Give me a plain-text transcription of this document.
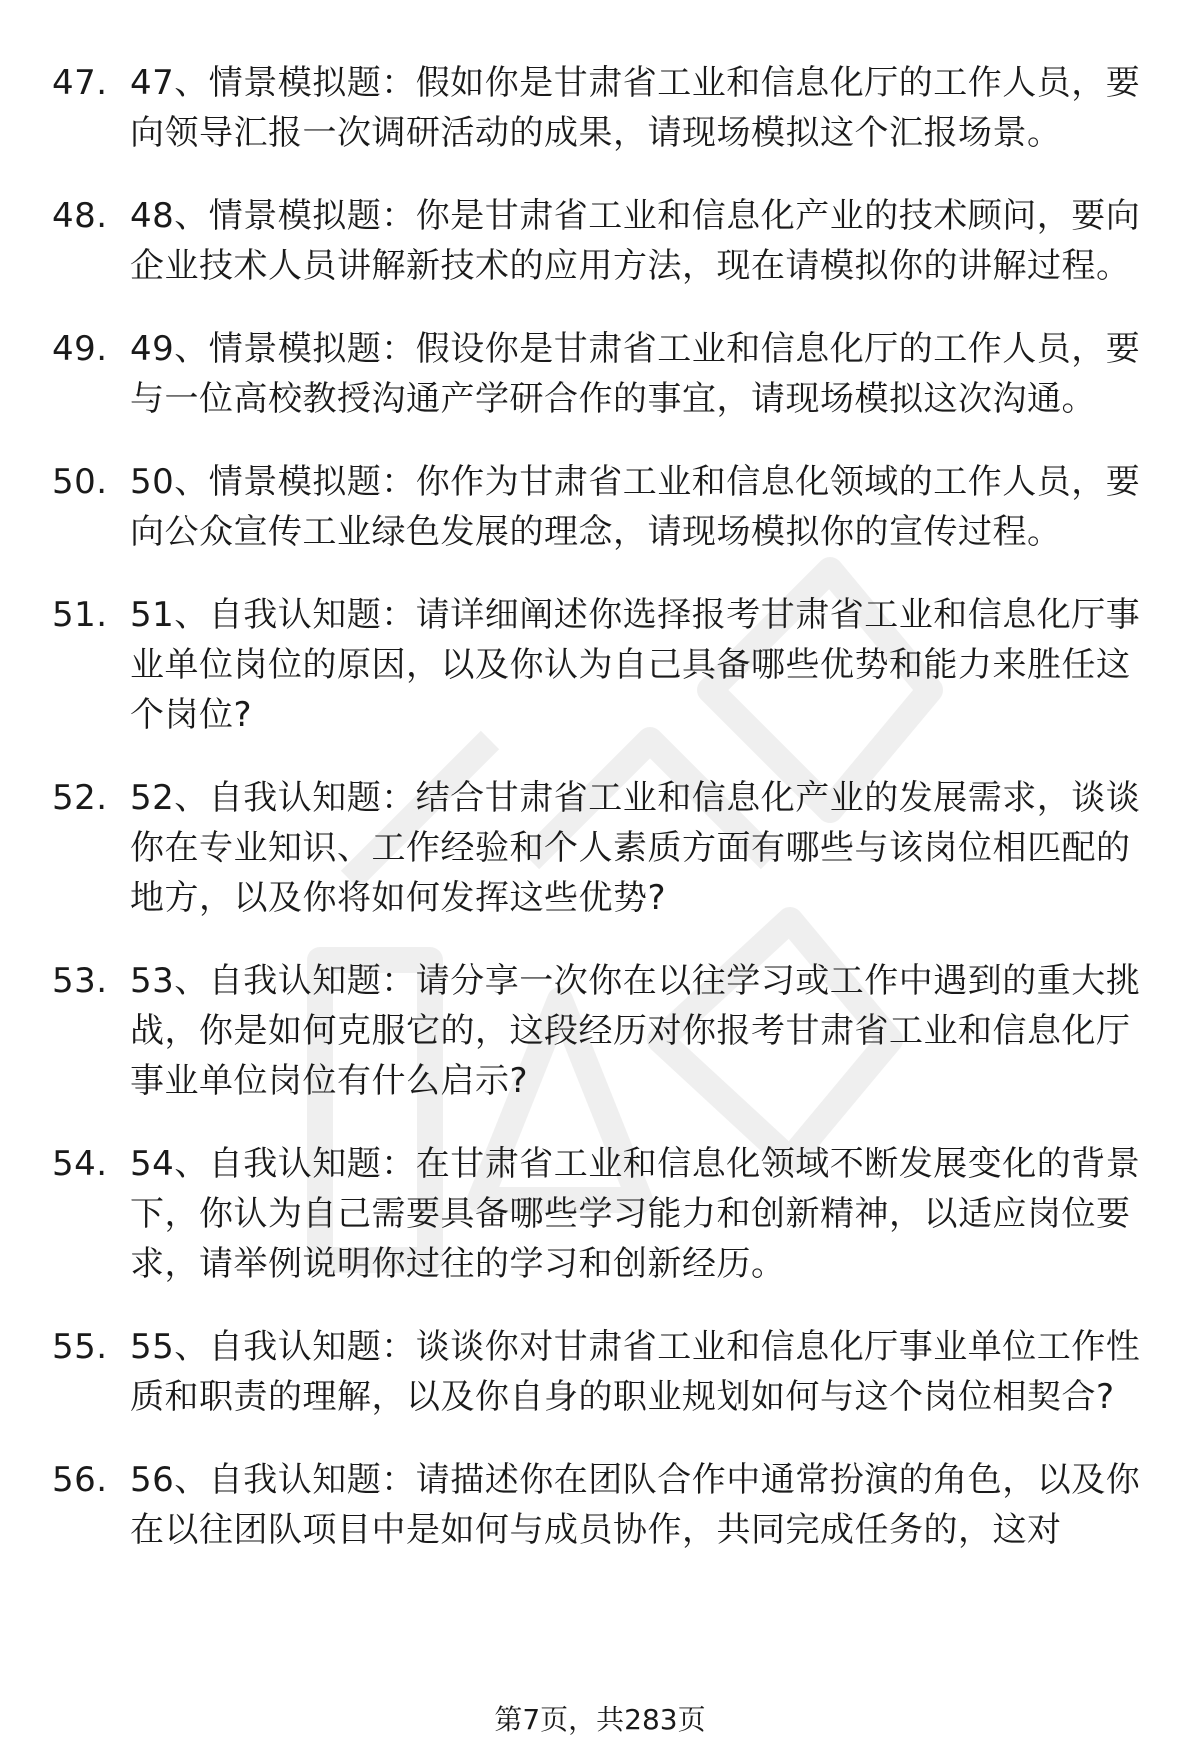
47. 47、情景模拟题：假如你是甘肃省工业和信息化厅的工作人员，要向领导汇报一次调研活动的成果，请现场模拟这个汇报场景。
48. 48、情景模拟题：你是甘肃省工业和信息化产业的技术顾问，要向企业技术人员讲解新技术的应用方法，现在请模拟你的讲解过程。
49. 49、情景模拟题：假设你是甘肃省工业和信息化厅的工作人员，要与一位高校教授沟通产学研合作的事宜，请现场模拟这次沟通。
50. 50、情景模拟题：你作为甘肃省工业和信息化领域的工作人员，要向公众宣传工业绿色发展的理念，请现场模拟你的宣传过程。
51. 51、自我认知题：请详细阐述你选择报考甘肃省工业和信息化厅事业单位岗位的原因，以及你认为自己具备哪些优势和能力来胜任这个岗位?
52. 52、自我认知题：结合甘肃省工业和信息化产业的发展需求，谈谈你在专业知识、工作经验和个人素质方面有哪些与该岗位相匹配的地方，以及你将如何发挥这些优势?
53. 53、自我认知题：请分享一次你在以往学习或工作中遇到的重大挑战，你是如何克服它的，这段经历对你报考甘肃省工业和信息化厅事业单位岗位有什么启示?
54. 54、自我认知题：在甘肃省工业和信息化领域不断发展变化的背景下，你认为自己需要具备哪些学习能力和创新精神，以适应岗位要求，请举例说明你过往的学习和创新经历。
55. 55、自我认知题：谈谈你对甘肃省工业和信息化厅事业单位工作性质和职责的理解，以及你自身的职业规划如何与这个岗位相契合?
56. 56、自我认知题：请描述你在团队合作中通常扮演的角色，以及你在以往团队项目中是如何与成员协作，共同完成任务的，这对
第7页，共283页
